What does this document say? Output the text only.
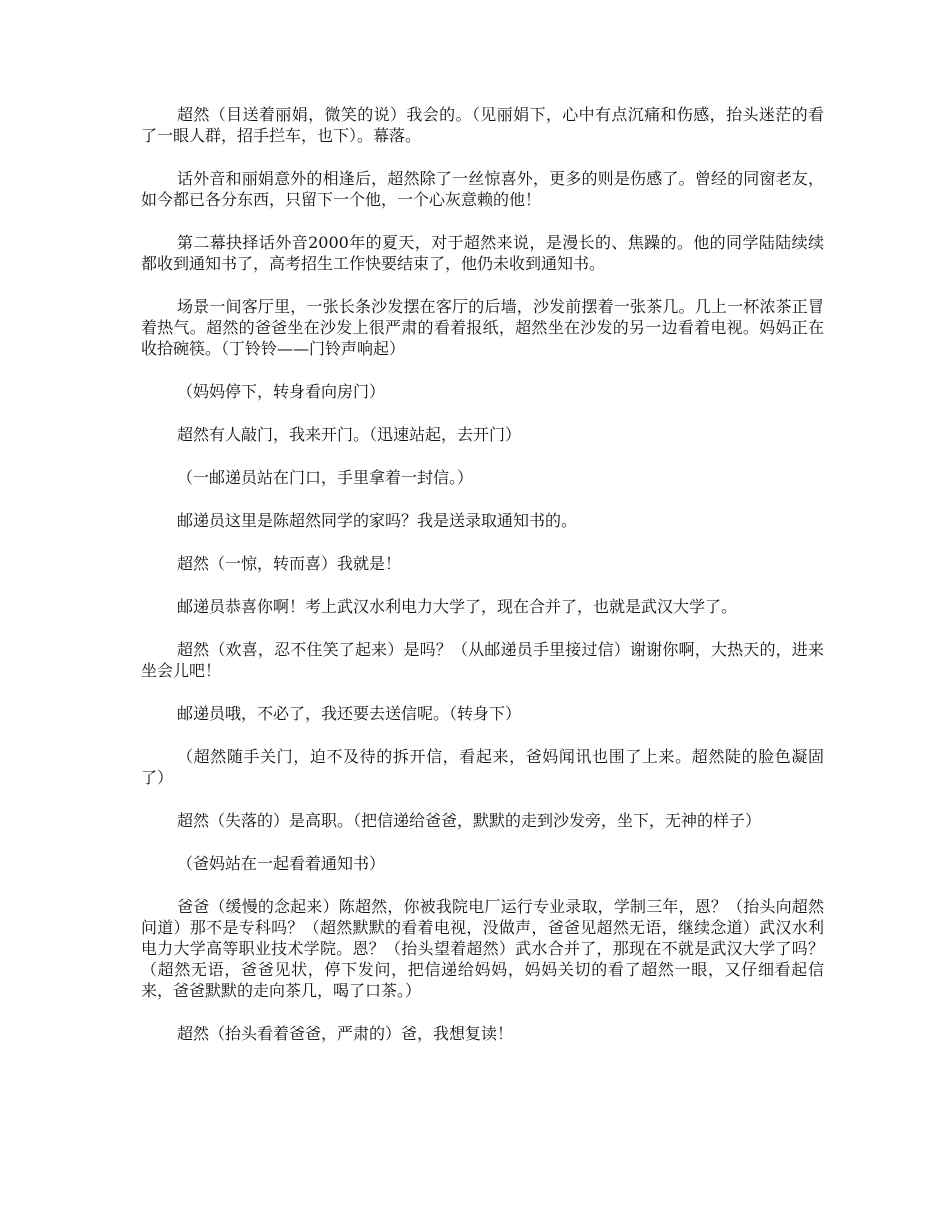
超然（目送着丽娟，微笑的说）我会的。（见丽娟下，心中有点沉痛和伤感，抬头迷茫的看了一眼人群，招手拦车，也下）。幕落。

话外音和丽娟意外的相逢后，超然除了一丝惊喜外，更多的则是伤感了。曾经的同窗老友，如今都已各分东西，只留下一个他，一个心灰意赖的他！

第二幕抉择话外音2000年的夏天，对于超然来说，是漫长的、焦躁的。他的同学陆陆续续都收到通知书了，高考招生工作快要结束了，他仍未收到通知书。

场景一间客厅里，一张长条沙发摆在客厅的后墙，沙发前摆着一张茶几。几上一杯浓茶正冒着热气。超然的爸爸坐在沙发上很严肃的看着报纸，超然坐在沙发的另一边看着电视。妈妈正在收拾碗筷。（丁铃铃——门铃声响起）

（妈妈停下，转身看向房门）

超然有人敲门，我来开门。（迅速站起，去开门）

（一邮递员站在门口，手里拿着一封信。）

邮递员这里是陈超然同学的家吗？我是送录取通知书的。

超然（一惊，转而喜）我就是！

邮递员恭喜你啊！考上武汉水利电力大学了，现在合并了，也就是武汉大学了。

超然（欢喜，忍不住笑了起来）是吗？（从邮递员手里接过信）谢谢你啊，大热天的，进来坐会儿吧！

邮递员哦，不必了，我还要去送信呢。（转身下）

（超然随手关门，迫不及待的拆开信，看起来，爸妈闻讯也围了上来。超然陡的脸色凝固了）

超然（失落的）是高职。（把信递给爸爸，默默的走到沙发旁，坐下，无神的样子）

（爸妈站在一起看着通知书）

爸爸（缓慢的念起来）陈超然，你被我院电厂运行专业录取，学制三年，恩？（抬头向超然问道）那不是专科吗？（超然默默的看着电视，没做声，爸爸见超然无语，继续念道）武汉水利电力大学高等职业技术学院。恩？（抬头望着超然）武水合并了，那现在不就是武汉大学了吗？（超然无语，爸爸见状，停下发问，把信递给妈妈，妈妈关切的看了超然一眼，又仔细看起信来，爸爸默默的走向茶几，喝了口茶。）

超然（抬头看着爸爸，严肃的）爸，我想复读！
